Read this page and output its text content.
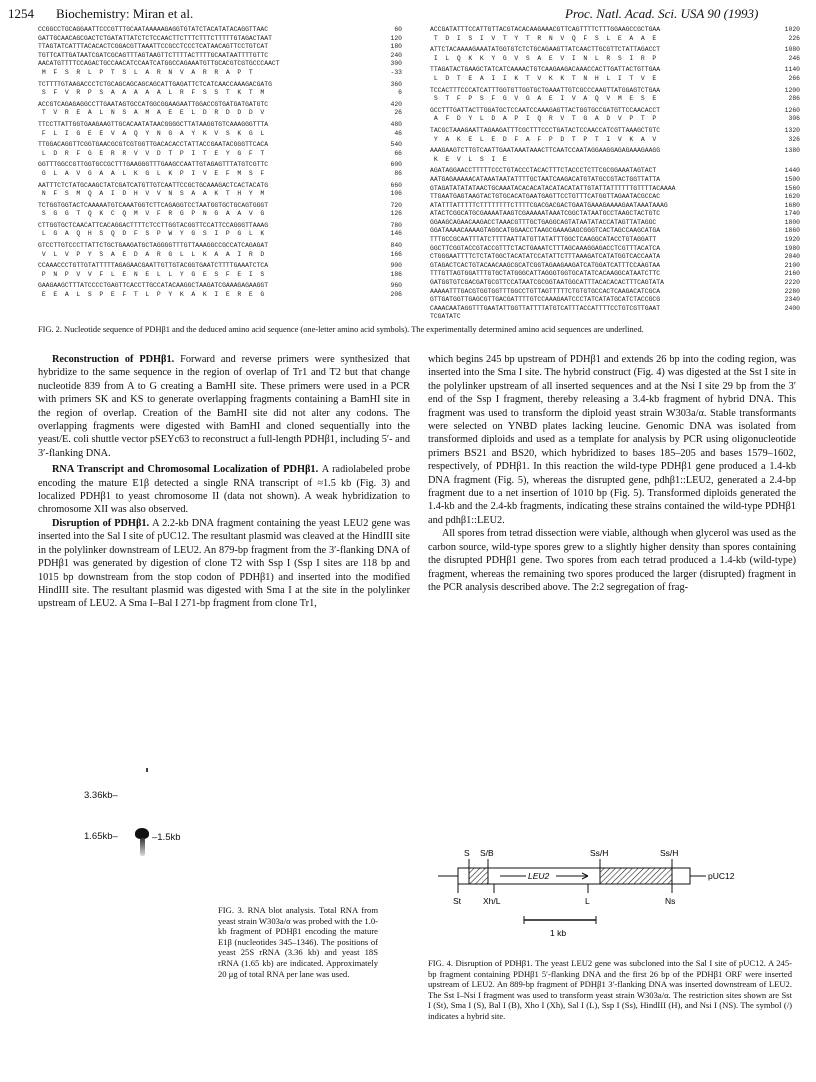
1254 Biochemistry: Miran et al.	Proc. Natl. Acad. Sci. USA 90 (1993)
CCGGCCTGCAGGAATTCCCGTTTGCAATAAAAAGAGGTGTATCTACATATACAGGTTAAC	60
GATTGCAACAGCGACTCTGATATTATCTCTCCAACTTCTTTCTTTCTTTTTGTAGACTAAT	120
TTAGTATCATTTACACACTCGGACGTTAAATTCCGCCTCCCTCATAACAGTTCCTGTCAT	180
TGTTCATTGATAATCGATCGCAGTTTAGTAAGTTCTTTTACTTTTGCAATAATTTTGTTC	240
AACATGTTTTCCAGACTGCCAACATCCAATCATGGCCAGAAATGTTGCACGTCGTGCCCAACT	300
M  F  S  R  L  P  T  S  L  A  R  N  V  A  R  R  A  P  T	-33
TCTTTTGTAAGACCCTCTGCAGCAGCAGCAGCATTGAGATTCTCATCAACCAAAGACGATG	360
S  F  V  R  P  S  A  A  A  A  A  L  R  F  S  S  T  K  T  M	6
ACCGTCAGAGAGGCCTTGAATAGTGCCATGGCGGAAGAATTGGACCGTGATGATGATGTC	420
T  V  R  E  A  L  N  S  A  M  A  E  E  L  D  R  D  D  D  V	26
TTCCTTATTGGTGAAGAAGTTGCACAATATAACGGGGCTTATAAGGTGTCAAAGGGTTTA	480
F  L  I  G  E  E  V  A  Q  Y  N  G  A  Y  K  V  S  K  G  L	46
TTGGACAGGTTCGGTGAACGCGTCGTGGTTGACACACCTATTACCGAATACGGGTTCACA	540
L  D  R  F  G  E  R  R  V  V  D  T  P  I  T  E  Y  G  F  T	66
GGTTTGGCCGTTGGTGCCGCTTTGAAGGGTTTGAAGCCAATTGTAGAGTTTATGTCGTTC	600
G  L  A  V  G  A  A  L  K  G  L  K  P  I  V  E  F  M  S  F	86
AATTTCTCTATGCAAGCTATCGATCATGTTGTCAATTCCGCTGCAAAGACTCACTACATG	660
N  F  S  M  Q  A  I  D  H  V  V  N  S  A  A  K  T  H  Y  M	106
TCTGGTGGTACTCAAAAATGTCAAATGGTCTTCAGAGGTCCTAATGGTGCTGCAGTGGGT	720
S  G  G  T  Q  K  C  Q  M  V  F  R  G  P  N  G  A  A  V  G	126
CTTGGTGCTCAACATTCACAGGACTTTTCTCCTTGGTACGGTTCCATTCCAGGGTTAAAG	780
L  G  A  Q  H  S  Q  D  F  S  P  W  Y  G  S  I  P  G  L  K	146
GTCCTTGTCCCTTATTCTGCTGAAGATGCTAGGGGTTTGTTAAAGGCCGCCATCAGAGAT	840
V  L  V  P  Y  S  A  E  D  A  R  G  L  L  K  A  A  I  R  D	166
CCAAACCCTGTTGTATTTTTAGAGAACGAATTGTTGTACGGTGAATCTTTTGAAATCTCA	900
P  N  P  V  V  F  L  E  N  E  L  L  Y  G  E  S  F  E  I  S	186
GAAGAAGCTTTATCCCCTGAGTTCACCTTGCCATACAAGGCTAAGATCGAAAGAGAAGGT	960
E  E  A  L  S  P  E  F  T  L  P  Y  K  A  K  I  E  R  E  G	206
ACCGATATTTCCATTGTTACGTACACAAGAAACGTTCAGTTTTCTTTGGAAGCCGCTGAA	1020
T  D  I  S  I  V  T  Y  T  R  N  V  Q  F  S  L  E  A  A  E	226
ATTCTACAAAAGAAATATGGTGTCTCTGCAGAAGTTATCAACTTGCGTTCTATTAGACCT	1080
I  L  Q  K  K  Y  G  V  S  A  E  V  I  N  L  R  S  I  R  P	246
TTAGATACTGAAGCTATCATCAAAACTGTCAAGAAGACAAACCACTTGATTACTGTTGAA	1140
L  D  T  E  A  I  I  K  T  V  K  K  T  N  H  L  I  T  V  E	266
TCCACTTTCCCATCATTTGGTGTTGGTGCTGAAATTGTCGCCCAAGTTATGGAGTCTGAA	1200
S  T  F  P  S  F  G  V  G  A  E  I  V  A  Q  V  M  E  S  E	286
GCCTTTGATTACTTGGATGCTCCAATCCAAAGAGTTACTGGTGCCGATGTTCCAACACCT	1260
A  F  D  Y  L  D  A  P  I  Q  R  V  T  G  A  D  V  P  T  P	306
TACGCTAAAGAATTAGAAGATTTCGCTTTCCCTGATACTCCAACCATCGTTAAAGCTGTC	1320
Y  A  K  E  L  E  D  F  A  F  P  D  T  P  T  I  V  K  A  V	326
AAAGAAGTCTTGTCAATTGAATAAATAAACTTCAATCCAATAGGAAGGAGAGAAAGAAGG	1380
K  E  V  L  S  I  E
AGATAGGAACCTTTTTCCCTGTACCCTACACTTTCTACCCTCTTCGCGGAAATAGTACT	1440
AATGAGAAAAACATAAATAATATTTTGCTAATCAAGACATGTATGCCGTACTGGTTATTA	1500
GTAGATATATATAACTGCAAATACACACATACATACATATTGTATTATTTTTTGTTTTACAAAA	1560
TTGAATGAGTAAGTACTGTGCACATGAATGAGTTCCTGTTTCATGGTTAGAATACGCCAC	1620
ATATTTATTTTTCTTTTTTTTCTTTTCGACGACGACTGAATGAAAGAAAAGAATAAATAAAG	1680
ATACTCGGCATGCGAAAATAAGTCGAAAAATAAATCGGCTATAATGCCTAAGCTACTGTC	1740
GGAAGCAGAACAAGACCTAAACGTTTGCTGAGGCAGTATAATATACCATAGTTATAGGC	1800
GGATAAAACAAAAGTAGGCATGGAACCTAAGCGAAAGAGCGGGTCACTAGCCAAGCATGA	1860
TTTGCCGCAATTTATCTTTTAATTATGTTATATTTGGCTCAAGGCATACCTGTAGGATT	1920
GGCTTCGGTACCGTACCGTTTCTACTGAAATCTTTAGCAAAGGAGACCTCGTTTACATCA	1980
CTGGGAATTTTCTCTATGGCTACATATCCATATTCTTTAAAGATCATATGGTCACCAATA	2040
GTAGACTCACTGTACAACAAGCGCATCGGTAGAAGAAGATCATGGATCATTTCCAAGTAA	2100
TTTGTTAGTGGATTTGTGCTATGGGCATTAGGGTGGTGCATATCACAAGGCATAATCTTC	2160
GATGGTGTCGACGATGCGTTCCATAATCGCGGTAATGGCATTTACACACACTTTCAGTATA	2220
AAAAATTTGACGTGGTGGTTTGGCCTGTTAGTTTTTCTGTGTGCCACTCAAGACATCGCA	2280
GTTGATGGTTGAGCGTTGACGATTTTGTCCAAAGAATCCCTATCATATGCATCTACCGCG	2340
CAAACAATAGGTTTGAATATTGGTTATTTTATGTCATTTACCATTTTCCTGTCGTTGAAT	2400
TCGATATC
FIG. 2. Nucleotide sequence of PDHβ1 and the deduced amino acid sequence (one-letter amino acid symbols). The experimentally determined amino acid sequences are underlined.

Reconstruction of PDHβ1. Forward and reverse primers were synthesized that hybridize to the same sequence in the region of overlap of Tr1 and T2 but that change nucleotide 839 from A to G creating a BamHI site. These primers were used in a PCR with primers SK and KS to generate overlapping fragments containing a BamHI site in the region of overlap. Creation of the BamHI site did not alter any codons. The overlapping fragments were digested with BamHI and cloned sequentially into the yeast/E. coli shuttle vector pSEYc63 to reconstruct a full-length PDHβ1, including 5′- and 3′-flanking DNA.

RNA Transcript and Chromosomal Localization of PDHβ1. A radiolabeled probe encoding the mature E1β detected a single RNA transcript of ≈1.5 kb (Fig. 3) and localized PDHβ1 to yeast chromosome II (data not shown). A weak hybridization to chromosome XII was also observed.

Disruption of PDHβ1. A 2.2-kb DNA fragment containing the yeast LEU2 gene was inserted into the Sal I site of pUC12. The resultant plasmid was cleaved at the HindIII site in the polylinker downstream of LEU2. An 879-bp fragment from the 3′-flanking DNA of PDHβ1 was generated by digestion of clone T2 with Ssp I (Ssp I sites are 118 bp and 1015 bp downstream from the stop codon of PDHβ1) and inserted into the modified HindIII site. The resultant plasmid was digested with Sma I at the site in the polylinker upstream of LEU2. A Sma I–Bal I 271-bp fragment from clone Tr1,

which begins 245 bp upstream of PDHβ1 and extends 26 bp into the coding region, was inserted into the Sma I site. The hybrid construct (Fig. 4) was digested at the Sst I site in the polylinker upstream of all inserted sequences and at the Nsi I site 29 bp from the 3′ end of the Ssp I fragment, thereby releasing a 3.4-kb fragment of hybrid DNA. This fragment was used to transform the diploid yeast strain W303a/α. Stable transformants were selected on YNBD plates lacking leucine. Genomic DNA was isolated from transformed diploids and used as a template for analysis by PCR using oligonucleotide primers BS21 and BS20, which hybridized to bases 185–205 and bases 1579–1602, respectively, of PDHβ1. In this reaction the wild-type PDHβ1 gene produced a 1.4-kb DNA fragment (Fig. 5), whereas the disrupted gene, pdhβ1::LEU2, generated a 2.4-bp fragment due to a net insertion of 1010 bp (Fig. 5). Transformed diploids generated the 1.4-kb and the 2.4-kb fragments, indicating these strains contained the wild-type PDHβ1 and pdhβ1::LEU2.

All spores from tetrad dissection were viable, although when glycerol was used as the carbon source, wild-type spores grew to a slightly higher density than spores containing the disrupted PDHβ1 gene. Two spores from each tetrad produced a 1.4-kb (wild-type) fragment, whereas the remaining two spores produced the larger (disrupted) fragment in the PCR analysis described above. The 2:2 segregation of frag-

3.36kb–
1.65kb–	–1.5kb
FIG. 3. RNA blot analysis. Total RNA from yeast strain W303a/α was probed with the 1.0-kb fragment of PDHβ1 encoding the mature E1β (nucleotides 345–1346). The positions of yeast 25S rRNA (3.36 kb) and yeast 18S rRNA (1.65 kb) are indicated. Approximately 20 μg of total RNA per lane was used.
S S/B	Ss/H	Ss/H
pUC12
LEU2
St	Xh/L	L	Ns
1 kb
FIG. 4. Disruption of PDHβ1. The yeast LEU2 gene was subcloned into the Sal I site of pUC12. A 245-bp fragment containing PDHβ1 5′-flanking DNA and the first 26 bp of the PDHβ1 ORF were inserted upstream of LEU2. An 889-bp fragment of PDHβ1 3′-flanking DNA was inserted downstream of LEU2. The Sst I–Nsi I fragment was used to transform yeast strain W303a/α. The restriction sites shown are Sst I (St), Sma I (S), Bal I (B), Xho I (Xh), Sal I (L), Ssp I (Ss), HindIII (H), and Nsi I (NS). The symbol (/) indicates a hybrid site.
